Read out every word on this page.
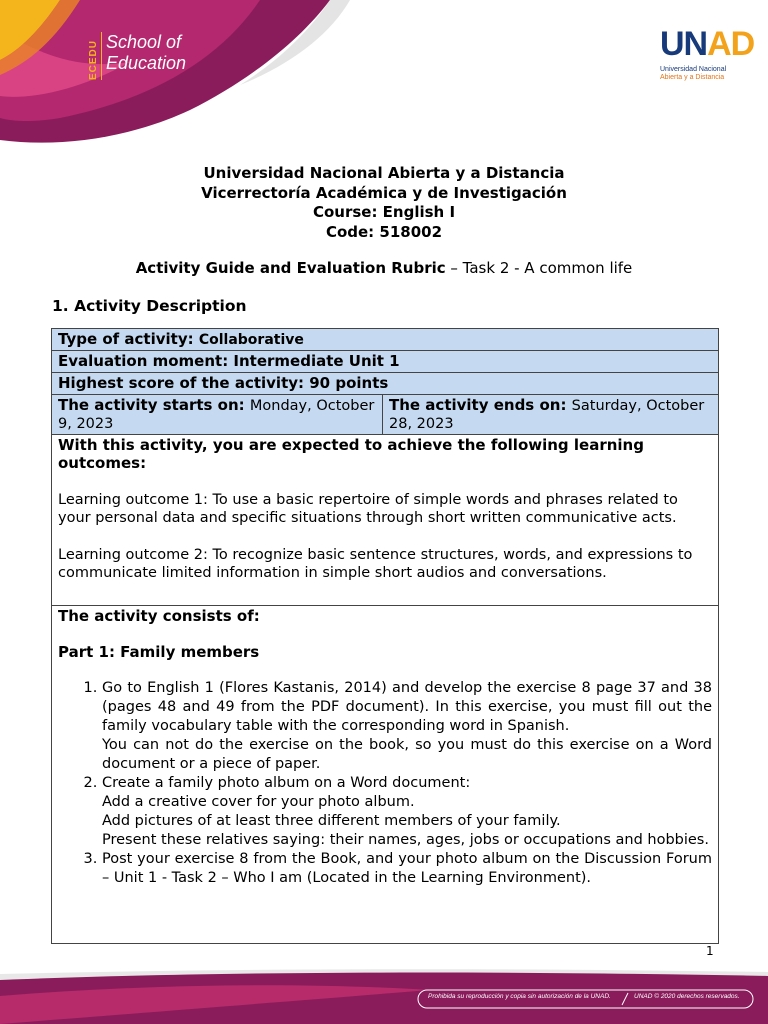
ECEDU School of
Education	UNAD
Universidad Nacional
Abierta y a Distancia
Universidad Nacional Abierta y a Distancia
Vicerrectoría Académica y de Investigación
Course: English I
Code: 518002
Activity Guide and Evaluation Rubric – Task 2 - A common life
1. Activity Description
Type of activity: Collaborative
Evaluation moment: Intermediate Unit 1
Highest score of the activity: 90 points
The activity starts on: Monday, October 9, 2023	The activity ends on: Saturday, October 28, 2023

With this activity, you are expected to achieve the following learning outcomes:

Learning outcome 1: To use a basic repertoire of simple words and phrases related to your personal data and specific situations through short written communicative acts.

Learning outcome 2: To recognize basic sentence structures, words, and expressions to communicate limited information in simple short audios and conversations.

The activity consists of:

Part 1: Family members

1. Go to English 1 (Flores Kastanis, 2014) and develop the exercise 8 page 37 and 38 (pages 48 and 49 from the PDF document). In this exercise, you must fill out the family vocabulary table with the corresponding word in Spanish.
You can not do the exercise on the book, so you must do this exercise on a Word document or a piece of paper.
2. Create a family photo album on a Word document:
Add a creative cover for your photo album.
Add pictures of at least three different members of your family.
Present these relatives saying: their names, ages, jobs or occupations and hobbies.
3. Post your exercise 8 from the Book, and your photo album on the Discussion Forum – Unit 1 - Task 2 – Who I am (Located in the Learning Environment).
1
Prohibida su reproducción y copia sin autorización de la UNAD.	UNAD © 2020 derechos reservados.
